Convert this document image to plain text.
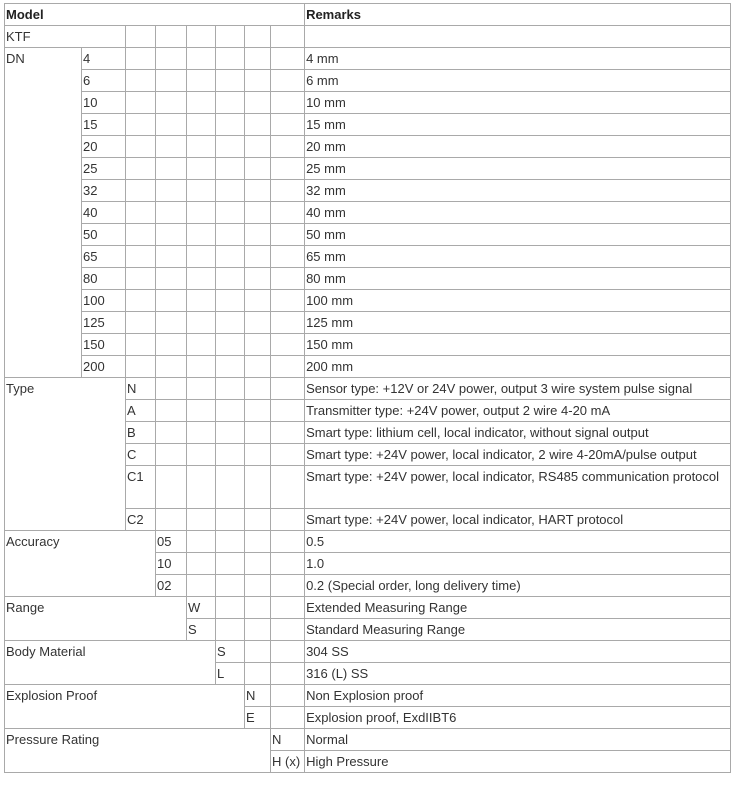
Model								Remarks
KTF								
DN	4							4 mm
	6							6 mm
	10							10 mm
	15							15 mm
	20							20 mm
	25							25 mm
	32							32 mm
	40							40 mm
	50							50 mm
	65							65 mm
	80							80 mm
	100							100 mm
	125							125 mm
	150							150 mm
	200							200 mm
Type		N						Sensor type: +12V or 24V power, output 3 wire system pulse signal
		A						Transmitter type: +24V power, output 2 wire 4-20 mA
		B						Smart type: lithium cell, local indicator, without signal output
		C						Smart type: +24V power, local indicator, 2 wire 4-20mA/pulse output
		C1						Smart type: +24V power, local indicator, RS485 communication protocol
		C2						Smart type: +24V power, local indicator, HART protocol
Accuracy			05					0.5
			10					1.0
			02					0.2 (Special order, long delivery time)
Range				W				Extended Measuring Range
				S				Standard Measuring Range
Body Material					S			304 SS
					L			316 (L) SS
Explosion Proof						N		Non Explosion proof
						E		Explosion proof, ExdIIBT6
Pressure Rating							N	Normal
							H (x)	High Pressure
